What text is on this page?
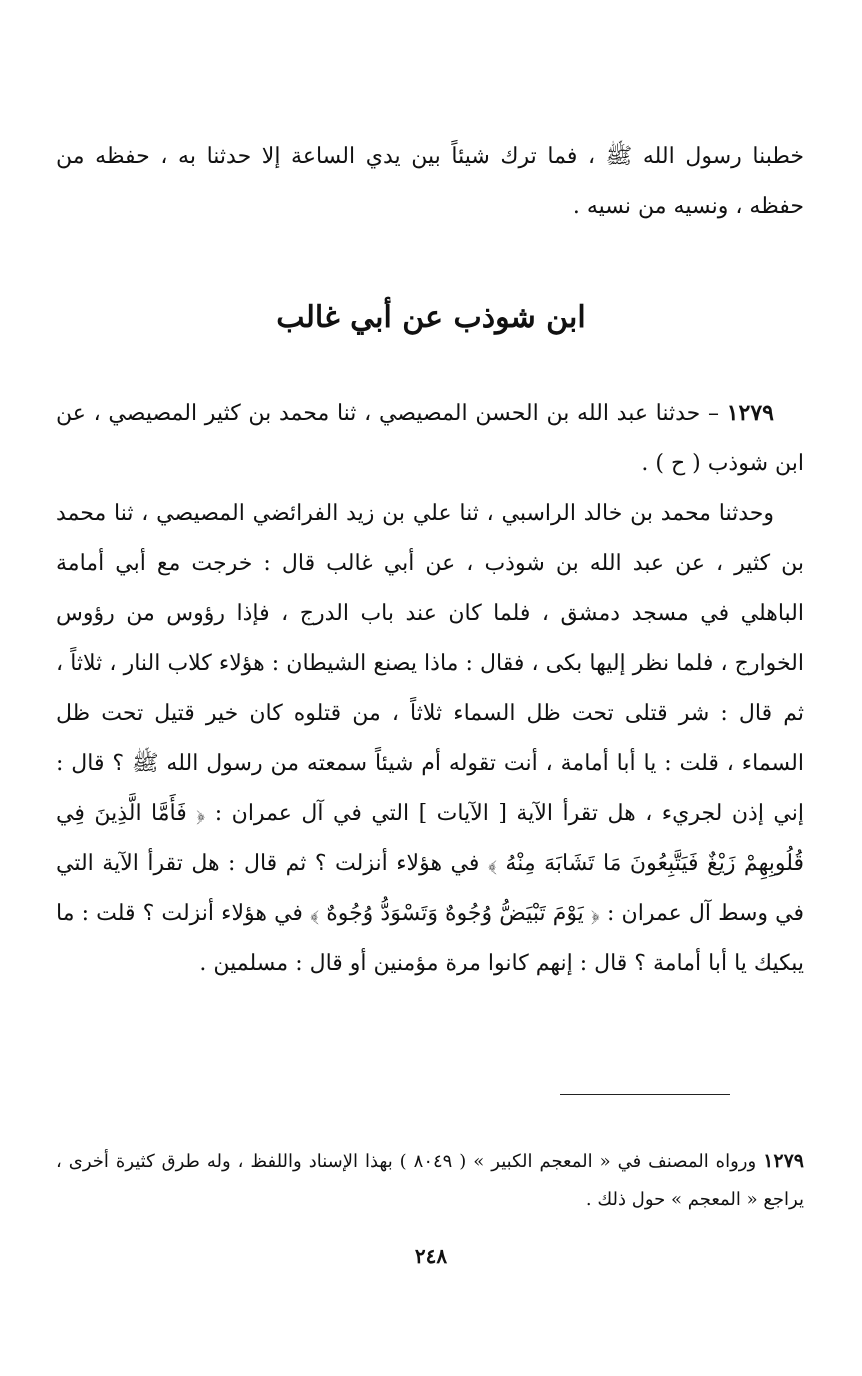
خطبنا رسول الله ﷺ ، فما ترك شيئاً بين يدي الساعة إلا حدثنا به ، حفظه من حفظه ، ونسيه من نسيه .
ابن شوذب عن أبي غالب

١٢٧٩ – حدثنا عبد الله بن الحسن المصيصي ، ثنا محمد بن كثير المصيصي ، عن ابن شوذب ( ح ) .

وحدثنا محمد بن خالد الراسبي ، ثنا علي بن زيد الفرائضي المصيصي ، ثنا محمد بن كثير ، عن عبد الله بن شوذب ، عن أبي غالب قال : خرجت مع أبي أمامة الباهلي في مسجد دمشق ، فلما كان عند باب الدرج ، فإذا رؤوس من رؤوس الخوارج ، فلما نظر إليها بكى ، فقال : ماذا يصنع الشيطان : هؤلاء كلاب النار ، ثلاثاً ، ثم قال : شر قتلى تحت ظل السماء ثلاثاً ، من قتلوه كان خير قتيل تحت ظل السماء ، قلت : يا أبا أمامة ، أنت تقوله أم شيئاً سمعته من رسول الله ﷺ ؟ قال : إني إذن لجريء ، هل تقرأ الآية [ الآيات ] التي في آل عمران : ﴿ فَأَمَّا الَّذِينَ فِي قُلُوبِهِمْ زَيْغٌ فَيَتَّبِعُونَ مَا تَشَابَهَ مِنْهُ ﴾ في هؤلاء أنزلت ؟ ثم قال : هل تقرأ الآية التي في وسط آل عمران : ﴿ يَوْمَ تَبْيَضُّ وُجُوهٌ وَتَسْوَدُّ وُجُوهٌ ﴾ في هؤلاء أنزلت ؟ قلت : ما يبكيك يا أبا أمامة ؟ قال : إنهم كانوا مرة مؤمنين أو قال : مسلمين .

١٢٧٩ ورواه المصنف في « المعجم الكبير » ( ٨٠٤٩ ) بهذا الإسناد واللفظ ، وله طرق كثيرة أخرى ، يراجع « المعجم » حول ذلك .
٢٤٨
